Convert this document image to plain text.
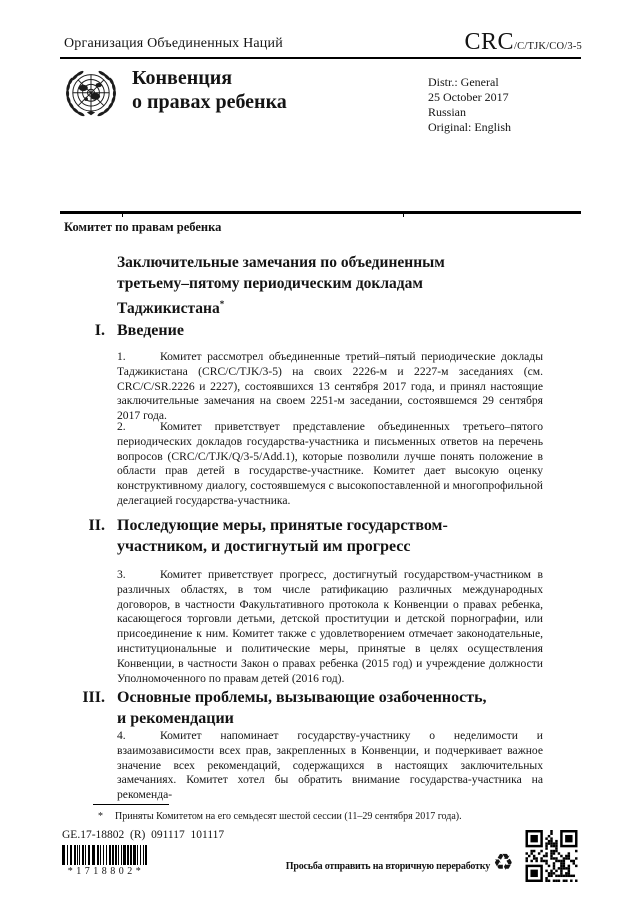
Организация Объединенных Наций	CRC /C/TJK/CO/3-5
Конвенция
о правах ребенка
Distr.: General
25 October 2017
Russian
Original: English
Комитет по правам ребенка
Заключительные замечания по объединенным
третьему–пятому периодическим докладам
Таджикистана*
I. Введение

1.	Комитет рассмотрел объединенные третий–пятый периодические доклады Таджикистана (CRC/C/TJK/3-5) на своих 2226-м и 2227-м заседаниях (см. CRC/C/SR.2226 и 2227), состоявшихся 13 сентября 2017 года, и принял настоящие заключительные замечания на своем 2251-м заседании, состоявшемся 29 сентября 2017 года.

2.	Комитет приветствует представление объединенных третьего–пятого периодических докладов государства-участника и письменных ответов на перечень вопросов (CRC/C/TJK/Q/3-5/Add.1), которые позволили лучше понять положение в области прав детей в государстве-участнике. Комитет дает высокую оценку конструктивному диалогу, состоявшемуся с высокопоставленной и многопрофильной делегацией государства-участника.

II. Последующие меры, принятые государством-
участником, и достигнутый им прогресс

3.	Комитет приветствует прогресс, достигнутый государством-участником в различных областях, в том числе ратификацию различных международных договоров, в частности Факультативного протокола к Конвенции о правах ребенка, касающегося торговли детьми, детской проституции и детской порнографии, или присоединение к ним. Комитет также с удовлетворением отмечает законодательные, институциональные и политические меры, принятые в целях осуществления Конвенции, в частности Закон о правах ребенка (2015 год) и учреждение должности Уполномоченного по правам детей (2016 год).

III. Основные проблемы, вызывающие озабоченность,
и рекомендации

4.	Комитет напоминает государству-участнику о неделимости и взаимозависимости всех прав, закрепленных в Конвенции, и подчеркивает важное значение всех рекомендаций, содержащихся в настоящих заключительных замечаниях. Комитет хотел бы обратить внимание государства-участника на рекоменда-

* Приняты Комитетом на его семьдесят шестой сессии (11–29 сентября 2017 года).
GE.17-18802  (R)  091117  101117
*1718802*	Просьба отправить на вторичную переработку ♻
